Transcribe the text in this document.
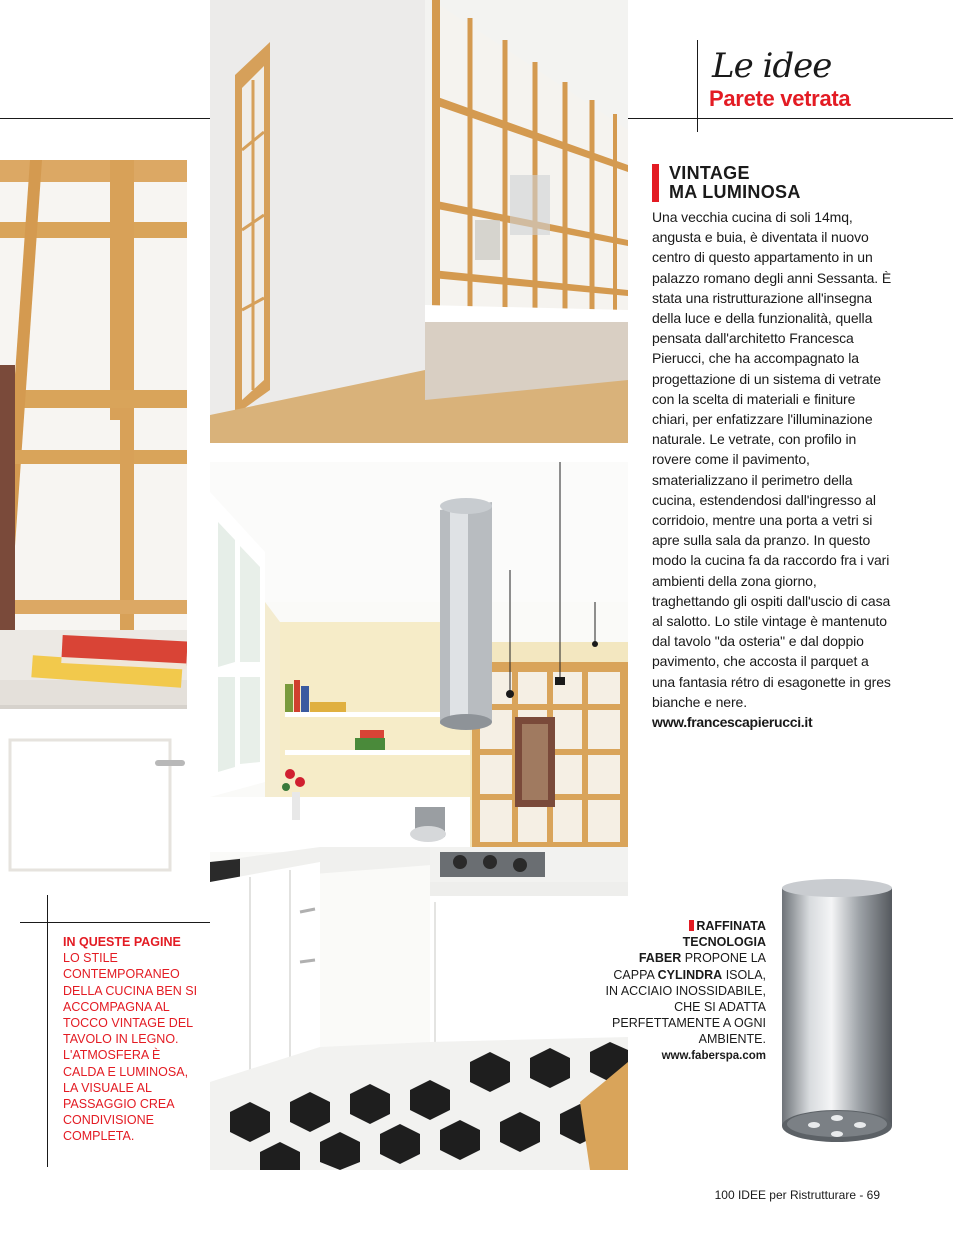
Le idee
Parete vetrata
VINTAGE
MA LUMINOSA

Una vecchia cucina di soli 14mq, angusta e buia, è diventata il nuovo centro di questo appartamento in un palazzo romano degli anni Sessanta. È stata una ristrutturazione all'insegna della luce e della funzionalità, quella pensata dall'architetto Francesca Pierucci, che ha accompagnato la progettazione di un sistema di vetrate con la scelta di materiali e finiture chiari, per enfatizzare l'illuminazione naturale. Le vetrate, con profilo in rovere come il pavimento, smaterializzano il perimetro della cucina, estendendosi dall'ingresso al corridoio, mentre una porta a vetri si apre sulla sala da pranzo. In questo modo la cucina fa da raccordo fra i vari ambienti della zona giorno, traghettando gli ospiti dall'uscio di casa al salotto. Lo stile vintage è mantenuto dal tavolo "da osteria" e dal doppio pavimento, che accosta il parquet a una fantasia rétro di esagonette in gres bianche e nere.

www.francescapierucci.it

RAFFINATA
TECNOLOGIA
FABER PROPONE LA CAPPA CYLINDRA ISOLA, IN ACCIAIO INOSSIDABILE, CHE SI ADATTA PERFETTAMENTE A OGNI AMBIENTE.
www.faberspa.com
IN QUESTE PAGINE LO STILE CONTEMPORANEO DELLA CUCINA BEN SI ACCOMPAGNA AL TOCCO VINTAGE DEL TAVOLO IN LEGNO. L'ATMOSFERA È CALDA E LUMINOSA, LA VISUALE AL PASSAGGIO CREA CONDIVISIONE COMPLETA.
100 IDEE per Ristrutturare - 69
